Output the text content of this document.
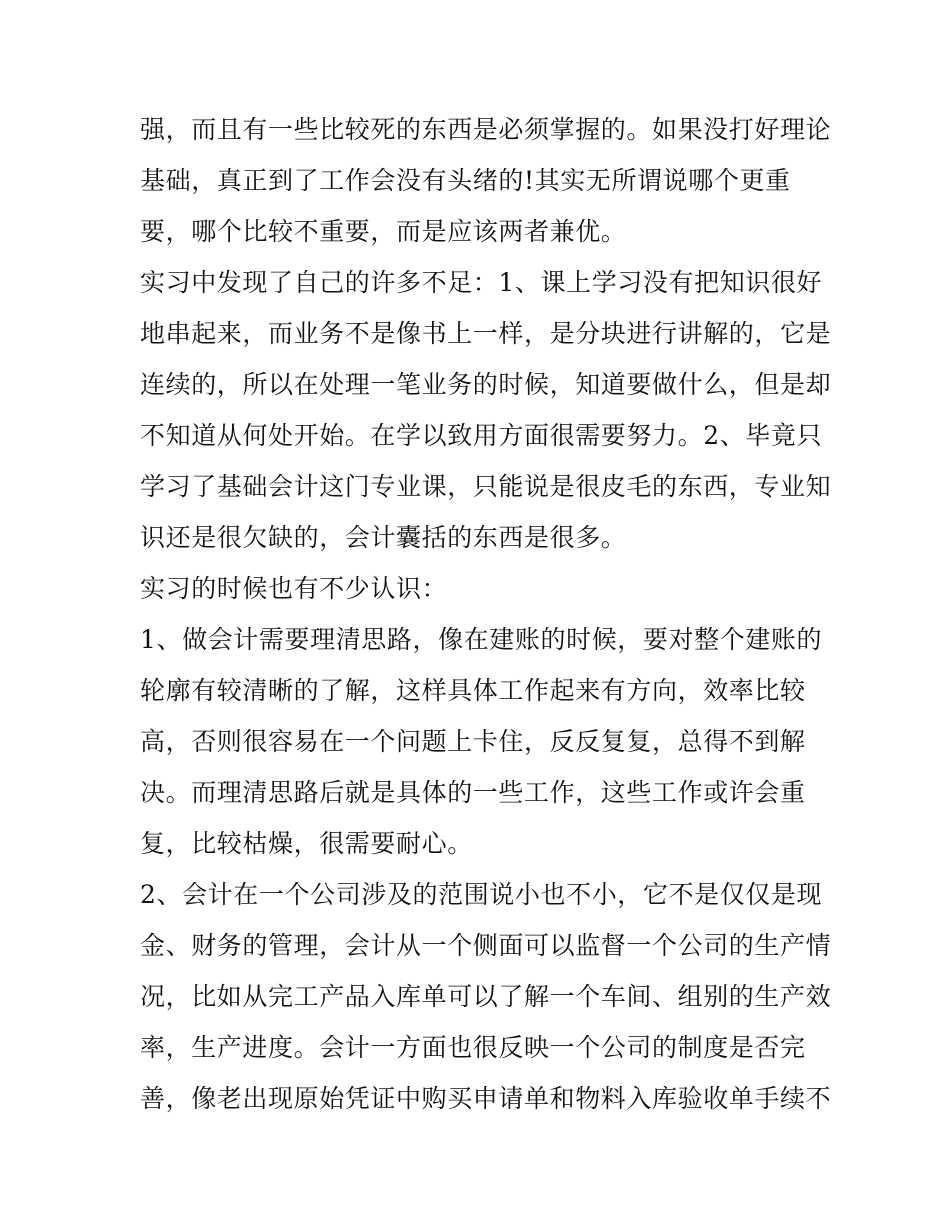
强，而且有一些比较死的东西是必须掌握的。如果没打好理论
基础，真正到了工作会没有头绪的!其实无所谓说哪个更重
要，哪个比较不重要，而是应该两者兼优。
实习中发现了自己的许多不足：1、课上学习没有把知识很好
地串起来，而业务不是像书上一样，是分块进行讲解的，它是
连续的，所以在处理一笔业务的时候，知道要做什么，但是却
不知道从何处开始。在学以致用方面很需要努力。2、毕竟只
学习了基础会计这门专业课，只能说是很皮毛的东西，专业知
识还是很欠缺的，会计囊括的东西是很多。
实习的时候也有不少认识：
1、做会计需要理清思路，像在建账的时候，要对整个建账的
轮廓有较清晰的了解，这样具体工作起来有方向，效率比较
高，否则很容易在一个问题上卡住，反反复复，总得不到解
决。而理清思路后就是具体的一些工作，这些工作或许会重
复，比较枯燥，很需要耐心。
2、会计在一个公司涉及的范围说小也不小，它不是仅仅是现
金、财务的管理，会计从一个侧面可以监督一个公司的生产情
况，比如从完工产品入库单可以了解一个车间、组别的生产效
率，生产进度。会计一方面也很反映一个公司的制度是否完
善，像老出现原始凭证中购买申请单和物料入库验收单手续不
